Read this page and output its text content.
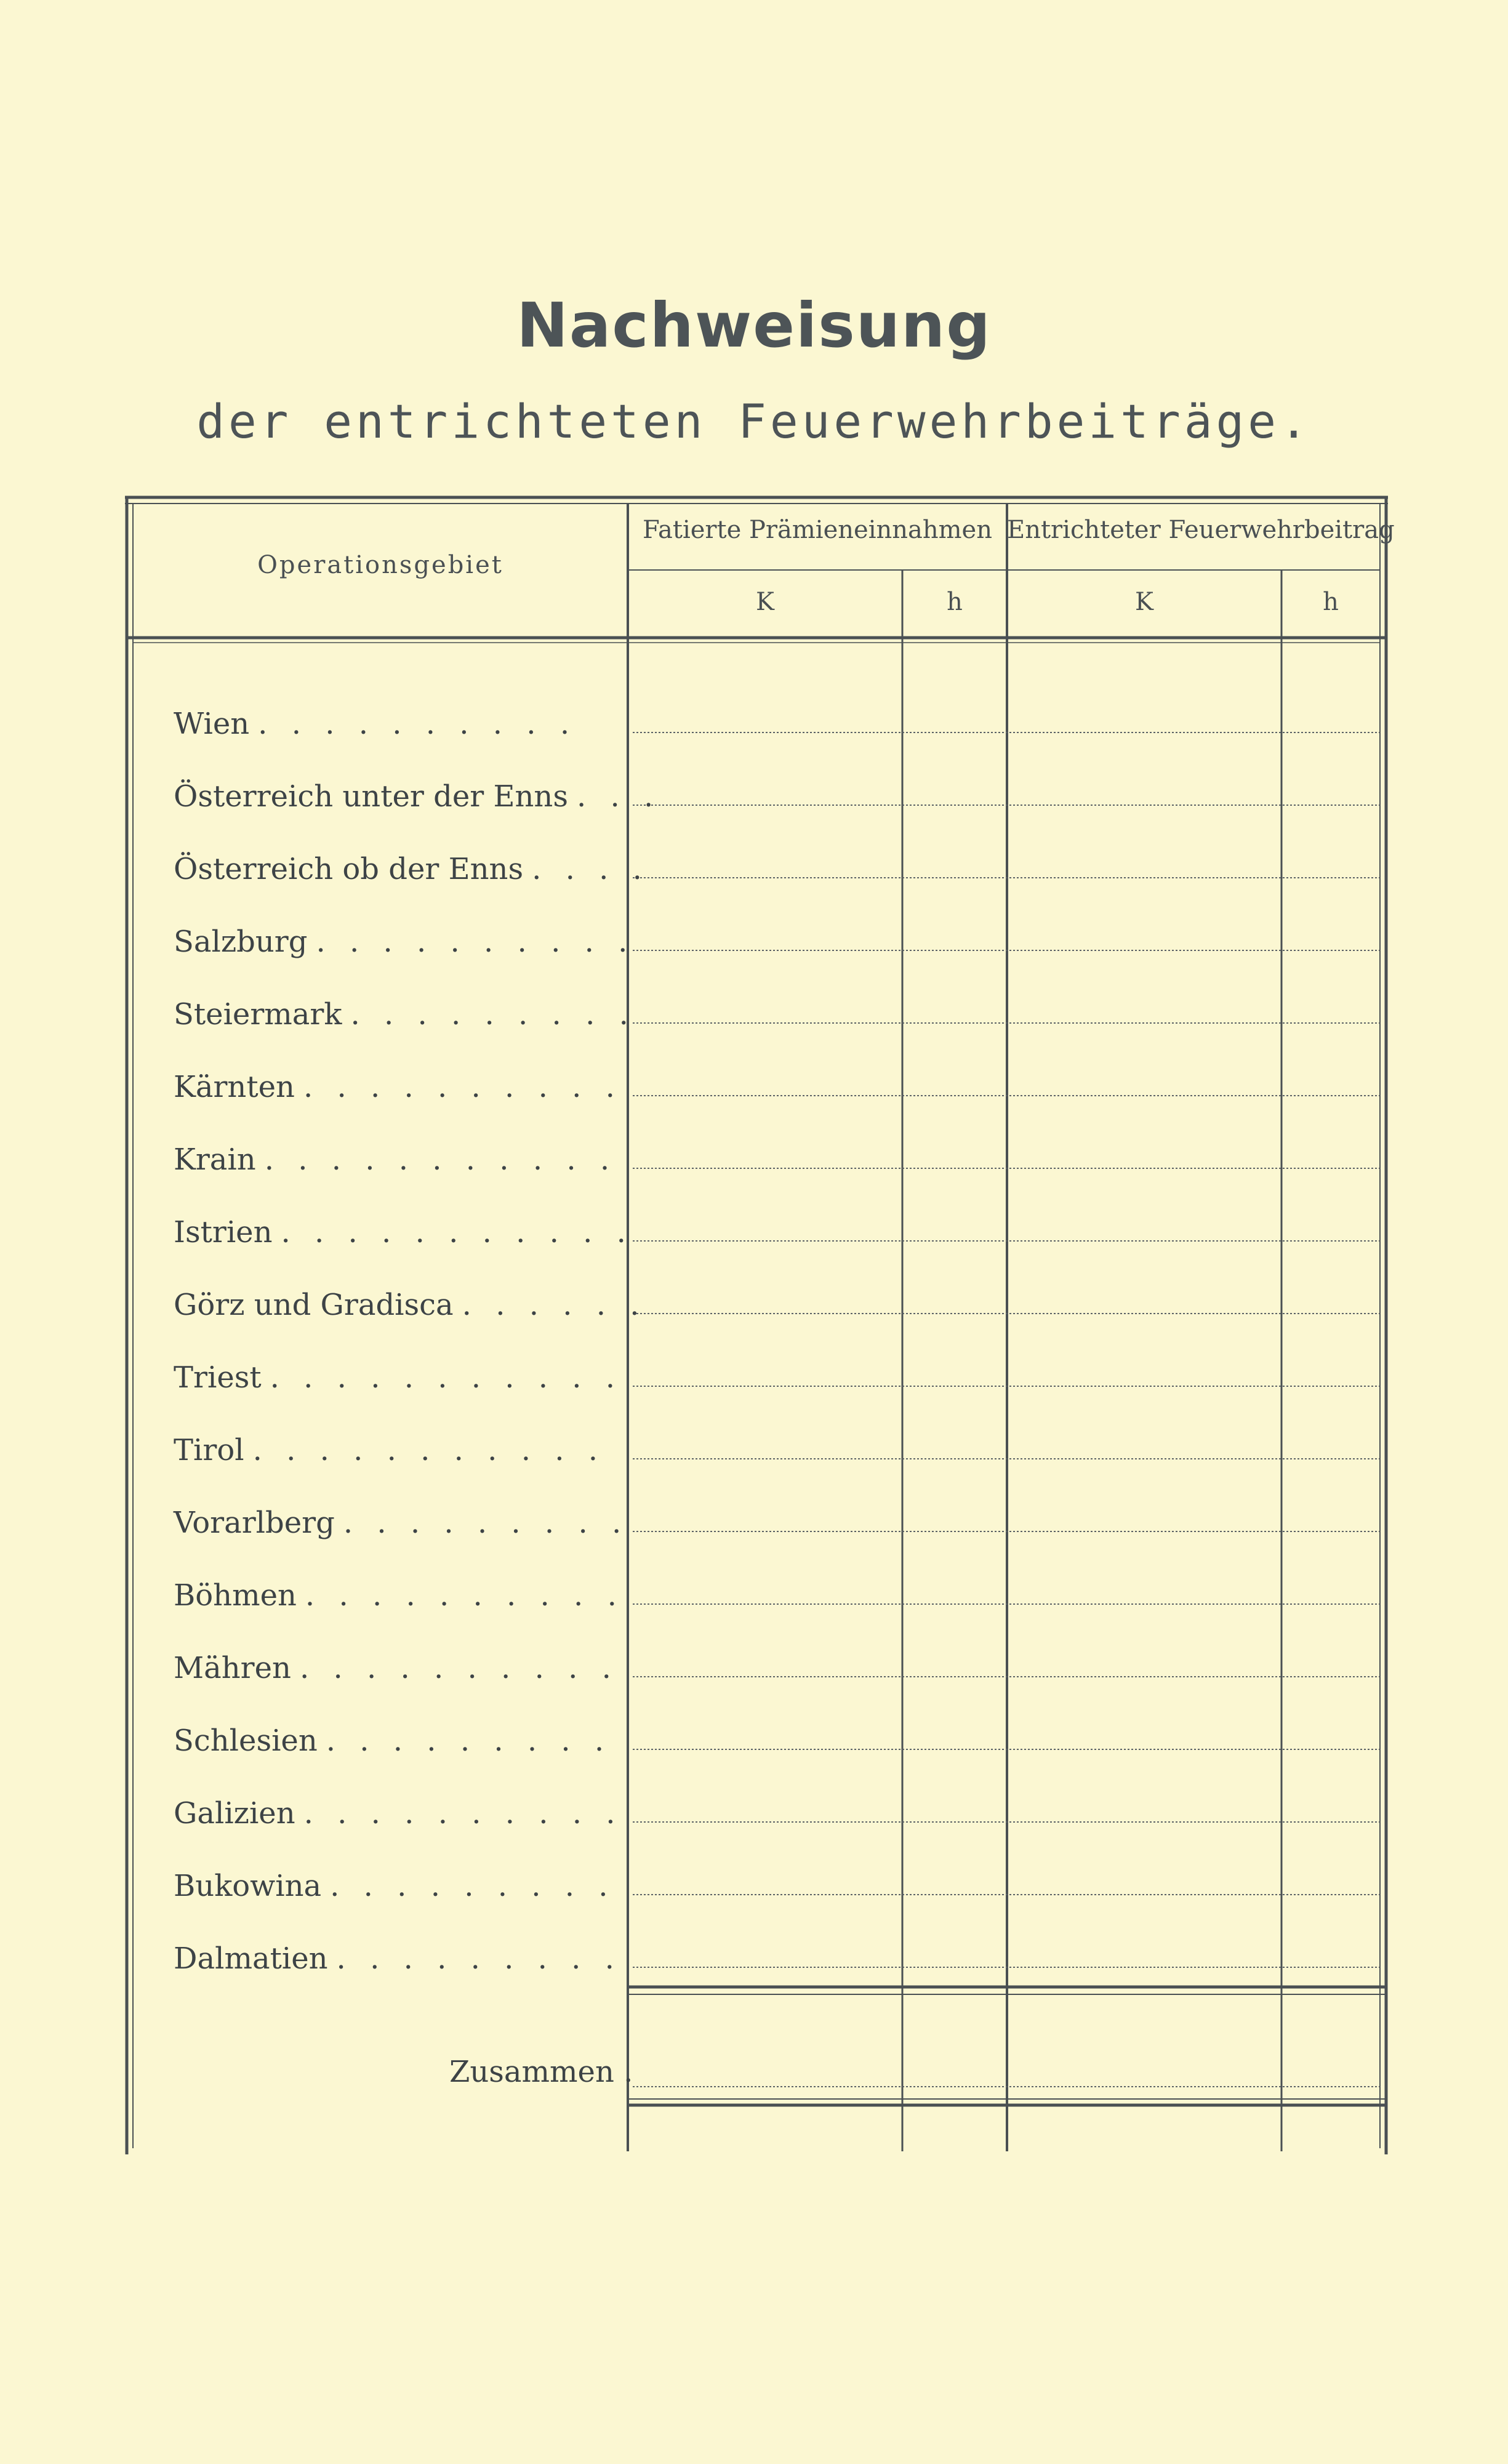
Nachweisung
der entrichteten Feuerwehrbeiträge.
Operationsgebiet
Fatierte Prämieneinnahmen Entrichteter Feuerwehrbeitrag
K	h	K	h
Wien . . . . . . . . . .
Österreich unter der Enns . . .
Österreich ob der Enns . . . .
Salzburg . . . . . . . . . .
Steiermark . . . . . . . . .
Kärnten . . . . . . . . . .
Krain . . . . . . . . . . .
Istrien . . . . . . . . . . .
Görz und Gradisca . . . . . .
Triest . . . . . . . . . . .
Tirol . . . . . . . . . . .
Vorarlberg . . . . . . . . .
Böhmen . . . . . . . . . .
Mähren . . . . . . . . . .
Schlesien . . . . . . . . .
Galizien . . . . . . . . . .
Bukowina . . . . . . . . .
Dalmatien . . . . . . . . .
Zusammen .
